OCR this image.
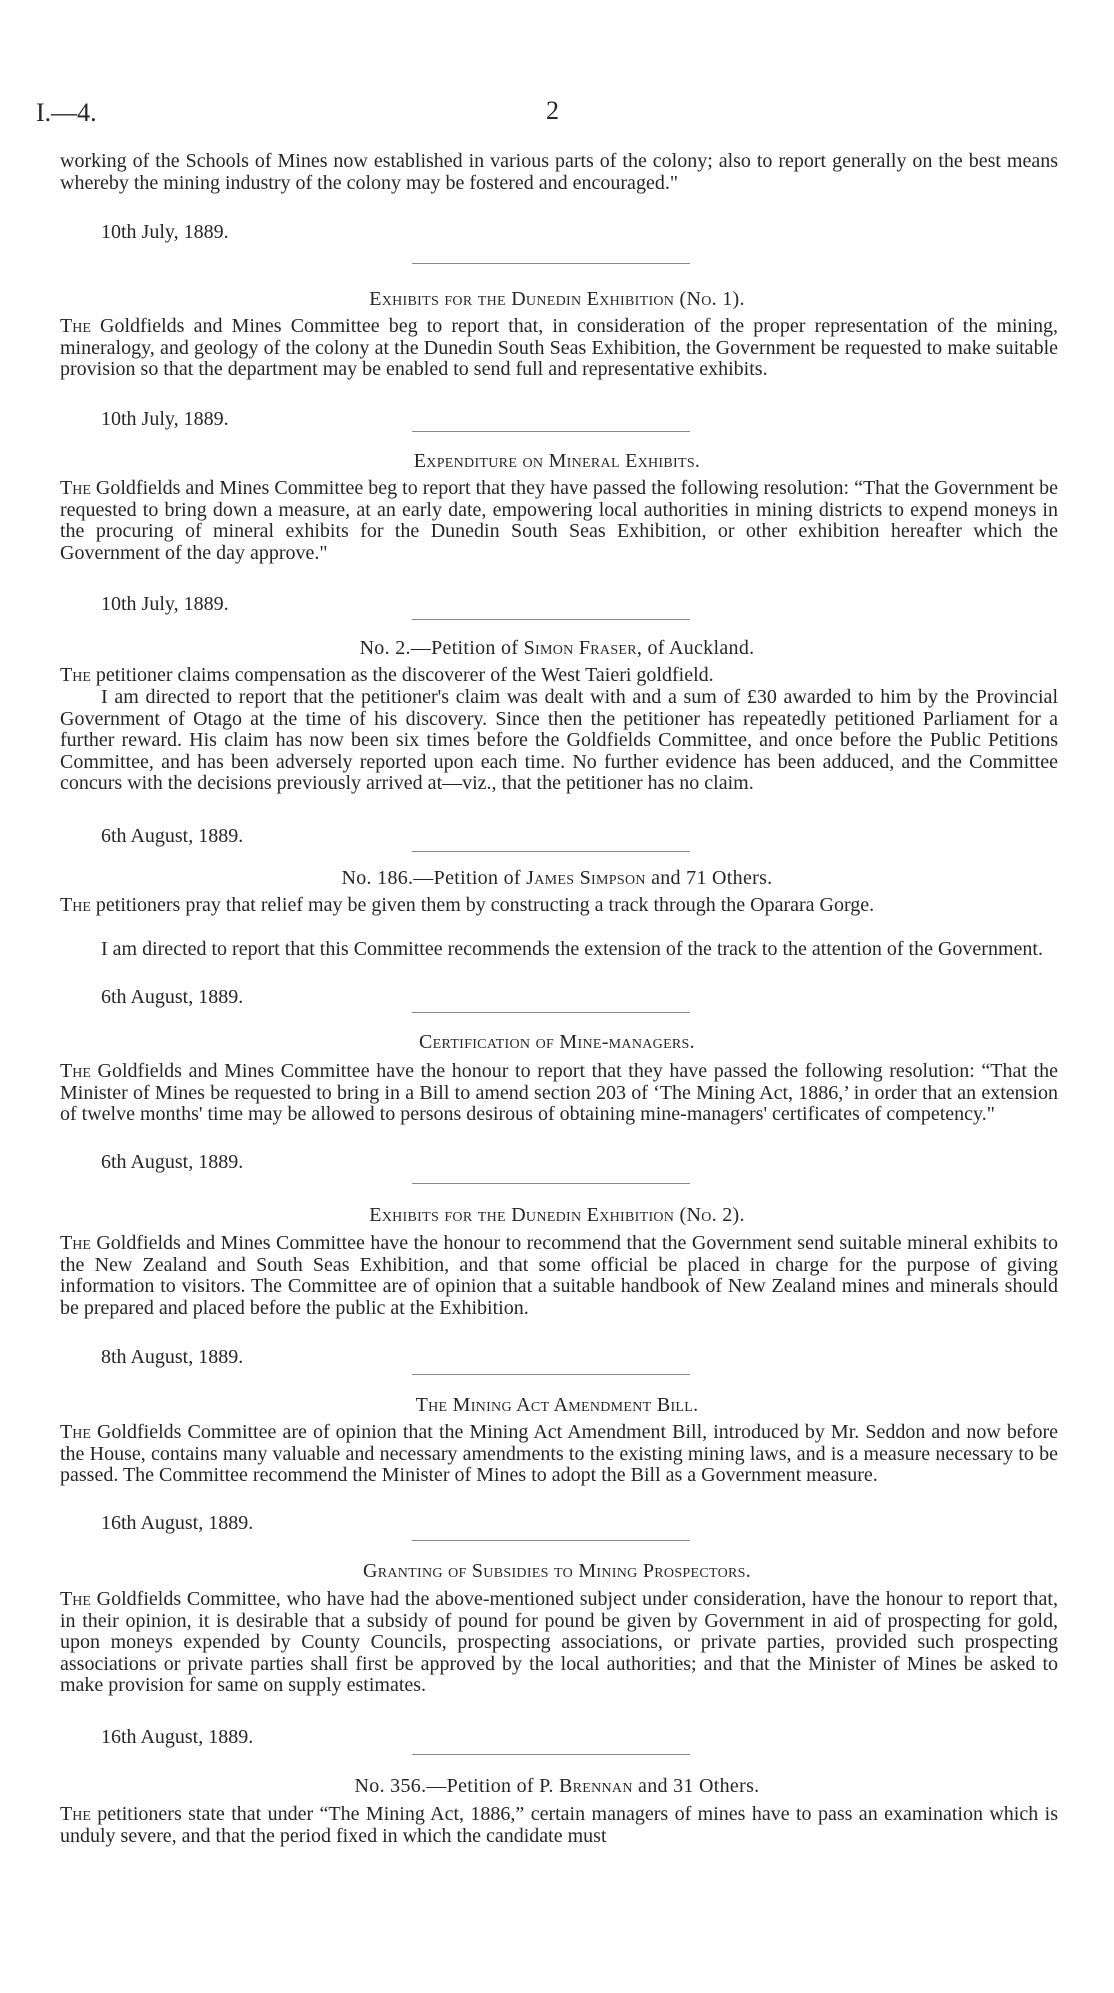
I.—4.	2

working of the Schools of Mines now established in various parts of the colony; also to report generally on the best means whereby the mining industry of the colony may be fostered and encouraged."

10th July, 1889.
Exhibits for the Dunedin Exhibition (No. 1).

The Goldfields and Mines Committee beg to report that, in consideration of the proper representation of the mining, mineralogy, and geology of the colony at the Dunedin South Seas Exhibition, the Government be requested to make suitable provision so that the department may be enabled to send full and representative exhibits.

10th July, 1889.
Expenditure on Mineral Exhibits.

The Goldfields and Mines Committee beg to report that they have passed the following resolution: “That the Government be requested to bring down a measure, at an early date, empowering local authorities in mining districts to expend moneys in the procuring of mineral exhibits for the Dunedin South Seas Exhibition, or other exhibition hereafter which the Government of the day approve."

10th July, 1889.
No. 2.—Petition of Simon Fraser, of Auckland.

The petitioner claims compensation as the discoverer of the West Taieri goldfield.

I am directed to report that the petitioner's claim was dealt with and a sum of £30 awarded to him by the Provincial Government of Otago at the time of his discovery. Since then the petitioner has repeatedly petitioned Parliament for a further reward. His claim has now been six times before the Goldfields Committee, and once before the Public Petitions Committee, and has been adversely reported upon each time. No further evidence has been adduced, and the Committee concurs with the decisions previously arrived at—viz., that the petitioner has no claim.

6th August, 1889.
No. 186.—Petition of James Simpson and 71 Others.

The petitioners pray that relief may be given them by constructing a track through the Oparara Gorge.

I am directed to report that this Committee recommends the extension of the track to the attention of the Government.

6th August, 1889.
Certification of Mine-managers.

The Goldfields and Mines Committee have the honour to report that they have passed the following resolution: “That the Minister of Mines be requested to bring in a Bill to amend section 203 of ‘The Mining Act, 1886,’ in order that an extension of twelve months' time may be allowed to persons desirous of obtaining mine-managers' certificates of competency."

6th August, 1889.
Exhibits for the Dunedin Exhibition (No. 2).

The Goldfields and Mines Committee have the honour to recommend that the Government send suitable mineral exhibits to the New Zealand and South Seas Exhibition, and that some official be placed in charge for the purpose of giving information to visitors. The Committee are of opinion that a suitable handbook of New Zealand mines and minerals should be prepared and placed before the public at the Exhibition.

8th August, 1889.
The Mining Act Amendment Bill.

The Goldfields Committee are of opinion that the Mining Act Amendment Bill, introduced by Mr. Seddon and now before the House, contains many valuable and necessary amendments to the existing mining laws, and is a measure necessary to be passed. The Committee recommend the Minister of Mines to adopt the Bill as a Government measure.

16th August, 1889.
Granting of Subsidies to Mining Prospectors.

The Goldfields Committee, who have had the above-mentioned subject under consideration, have the honour to report that, in their opinion, it is desirable that a subsidy of pound for pound be given by Government in aid of prospecting for gold, upon moneys expended by County Councils, prospecting associations, or private parties, provided such prospecting associations or private parties shall first be approved by the local authorities; and that the Minister of Mines be asked to make provision for same on supply estimates.

16th August, 1889.
No. 356.—Petition of P. Brennan and 31 Others.

The petitioners state that under “The Mining Act, 1886,” certain managers of mines have to pass an examination which is unduly severe, and that the period fixed in which the candidate must
